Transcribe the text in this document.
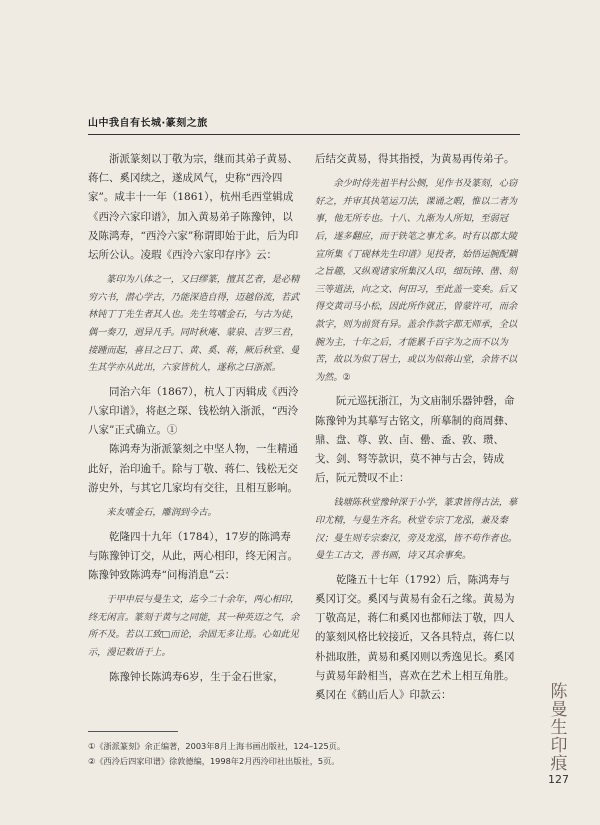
山中我自有长城·篆刻之旅

浙派篆刻以丁敬为宗，继而其弟子黄易、蒋仁、奚冈续之，遂成风气，史称“西泠四家”。咸丰十一年（1861），杭州毛西堂辑成《西泠六家印谱》，加入黄易弟子陈豫钟，以及陈鸿寿，“西泠六家”称谓即始于此，后为印坛所公认。凌瑕《西泠六家印存序》云：

篆印为八体之一，又曰缪篆，擅其艺者，是必精穷六书，潜心学古，乃能深造自得，迈越俗流，若武林钝丁丁先生者其人也。先生笃嗜金石，与古为徒，偶一奏刀，迥异凡手。同时秋庵、蒙泉、吉罗三君，接踵而起，喜目之曰丁、黄、奚、蒋，厥后秋堂、曼生其学亦从此出，六家皆杭人，遂称之曰浙派。

同治六年（1867），杭人丁丙辑成《西泠八家印谱》，将赵之琛、钱松纳入浙派，“西泠八家”正式确立。①

陈鸿寿为浙派篆刻之中坚人物，一生精通此好，治印逾千。除与丁敬、蒋仁、钱松无交游史外，与其它几家均有交往，且相互影响。

来友嗜金石，雕润到今古。

乾隆四十九年（1784），17岁的陈鸿寿与陈豫钟订交，从此，两心相印，终无闲言。陈豫钟致陈鸿寿“问梅消息”云：

于甲申辰与曼生文，迄今二十余年，两心相印，终无闲言。篆刻于黄与之同能，其一种英迈之气，余所不及。若以工致□而论，余固无多让焉。心如此见示，漫记数语于上。

陈豫钟长陈鸿寿6岁，生于金石世家，

后结交黄易，得其指授，为黄易再传弟子。

余少时侍先祖半村公侧，见作书及篆刻，心窃好之，并审其执笔运刀法，课诵之暇，惟以二者为事，他无所专也。十八、九渐为人所知，至弱冠后，遂多翻应，而于铁笔之事尤多。时有以郡太陵宣所集《丁砚林先生印谱》见投者，始悟运腕配耦之旨趣，又纵观诸家所集汉人印，细玩铸、凿、刻三等道法，向之文、何田习，至此盖一变矣。后又得交黄司马小松，因此所作就正，曾蒙许可，而余款字，则为前贤有异。盖余作款字都无师承，全以腕为主，十年之后，才能累千百字为之而不以为苦，故以为似丁居士，或以为似蒋山堂，余皆不以为然。②

阮元巡抚浙江，为文庙制乐器钟磬，命陈豫钟为其摹写古铭文，所摹制的商周彝、鼎、盘、尊、敦、卣、罍、盉、敦、瓒、戈、剑、弩等款识，莫不神与古会，铸成后，阮元赞叹不止：

钱塘陈秋堂豫钟深于小学，篆隶皆得古法，摹印尤精，与曼生齐名。秋堂专宗丁龙泓，兼及秦汉；曼生则专宗秦汉，旁及龙泓，皆不苟作者也。曼生工古文，善书画，诗又其余事矣。

乾隆五十七年（1792）后，陈鸿寿与奚冈订交。奚冈与黄易有金石之缘。黄易为丁敬高足，蒋仁和奚冈也都师法丁敬，四人的篆刻风格比较接近，又各具特点，蒋仁以朴拙取胜，黄易和奚冈则以秀逸见长。奚冈与黄易年龄相当，喜欢在艺术上相互角胜。奚冈在《鹤山后人》印款云：

①《浙派篆刻》余正编著，2003年8月上海书画出版社，124–125页。

②《西泠后四家印谱》徐敦德编，1998年2月西泠印社出版社，5页。

陈
曼
生
印
痕
127
